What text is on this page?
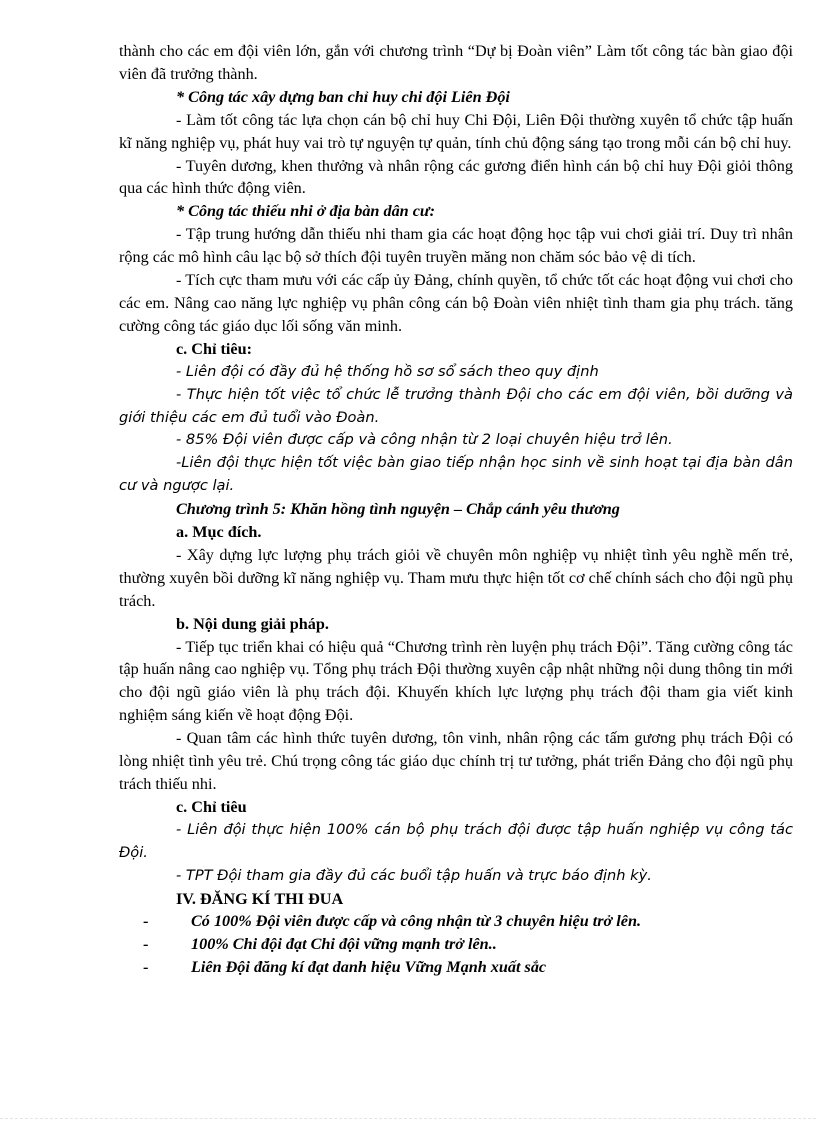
thành cho các em đội viên lớn, gắn với chương trình “Dự bị Đoàn viên” Làm tốt công tác bàn giao đội viên đã trưởng thành.

* Công tác xây dựng ban chỉ huy chi đội Liên Đội

- Làm tốt công tác lựa chọn cán bộ chỉ huy Chi Đội, Liên Đội thường xuyên tổ chức tập huấn kĩ năng nghiệp vụ, phát huy vai trò tự nguyện tự quản, tính chủ động sáng tạo trong mỗi cán bộ chỉ huy.

- Tuyên dương, khen thưởng và nhân rộng các gương điển hình cán bộ chỉ huy Đội giỏi thông qua các hình thức động viên.

* Công tác thiếu nhi ở địa bàn dân cư:

- Tập trung hướng dẫn thiếu nhi tham gia các hoạt động học tập vui chơi giải trí. Duy trì nhân rộng các mô hình câu lạc bộ sở thích đội tuyên truyền măng non chăm sóc bảo vệ di tích.

- Tích cực tham mưu với các cấp ủy Đảng, chính quyền, tổ chức tốt các hoạt động vui chơi cho các em. Nâng cao năng lực nghiệp vụ phân công cán bộ Đoàn viên nhiệt tình tham gia phụ trách. tăng cường công tác giáo dục lối sống văn minh.

c. Chỉ tiêu:

- Liên đội có đầy đủ hệ thống hồ sơ sổ sách theo quy định

- Thực hiện tốt việc tổ chức lễ trưởng thành Đội cho các em đội viên, bồi dưỡng và giới thiệu các em đủ tuổi vào Đoàn.

- 85% Đội viên được cấp và công nhận từ 2 loại chuyên hiệu trở lên.

-Liên đội thực hiện tốt việc bàn giao tiếp nhận học sinh về sinh hoạt tại địa bàn dân cư và ngược lại.

Chương trình 5: Khăn hồng tình nguyện – Chắp cánh yêu thương

a. Mục đích.

- Xây dựng lực lượng phụ trách giỏi về chuyên môn nghiệp vụ nhiệt tình yêu nghề mến trẻ, thường xuyên bồi dưỡng kĩ năng nghiệp vụ. Tham mưu thực hiện tốt cơ chế chính sách cho đội ngũ phụ trách.

b. Nội dung giải pháp.

- Tiếp tục triển khai có hiệu quả “Chương trình rèn luyện phụ trách Đội”. Tăng cường công tác tập huấn nâng cao nghiệp vụ. Tổng phụ trách Đội thường xuyên cập nhật những nội dung thông tin mới cho đội ngũ giáo viên là phụ trách đội. Khuyến khích lực lượng phụ trách đội tham gia viết kinh nghiệm sáng kiến về hoạt động Đội.

- Quan tâm các hình thức tuyên dương, tôn vinh, nhân rộng các tấm gương phụ trách Đội có lòng nhiệt tình yêu trẻ. Chú trọng công tác giáo dục chính trị tư tưởng, phát triển Đảng cho đội ngũ phụ trách thiếu nhi.

c. Chỉ tiêu

- Liên đội thực hiện 100% cán bộ phụ trách đội được tập huấn nghiệp vụ công tác Đội.

- TPT Đội tham gia đầy đủ các buổi tập huấn và trực báo định kỳ.

IV. ĐĂNG KÍ THI ĐUA

-	Có 100% Đội viên được cấp và công nhận từ 3 chuyên hiệu trở lên.
-	100% Chi đội đạt Chi đội vững mạnh trở lên..
-	Liên Đội đăng kí đạt danh hiệu Vững Mạnh xuất sắc
